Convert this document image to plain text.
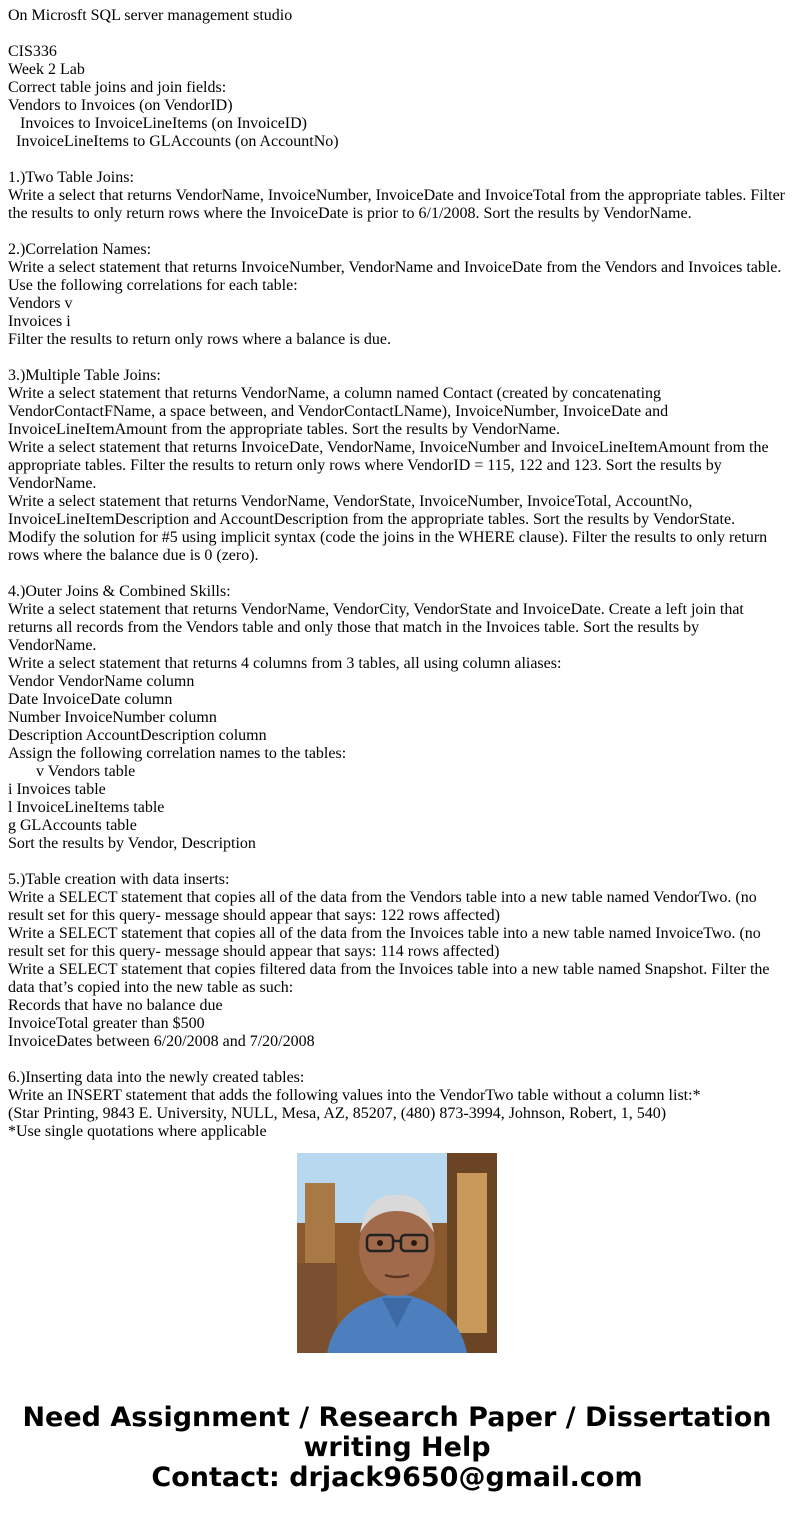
On Microsft SQL server management studio
CIS336
Week 2 Lab
Correct table joins and join fields:
Vendors to Invoices (on VendorID)
Invoices to InvoiceLineItems (on InvoiceID)
InvoiceLineItems to GLAccounts (on AccountNo)
1.)Two Table Joins:
Write a select that returns VendorName, InvoiceNumber, InvoiceDate and InvoiceTotal from the appropriate tables. Filter the results to only return rows where the InvoiceDate is prior to 6/1/2008. Sort the results by VendorName.
2.)Correlation Names:
Write a select statement that returns InvoiceNumber, VendorName and InvoiceDate from the Vendors and Invoices table. Use the following correlations for each table:
Vendors v
Invoices i
Filter the results to return only rows where a balance is due.
3.)Multiple Table Joins:
Write a select statement that returns VendorName, a column named Contact (created by concatenating VendorContactFName, a space between, and VendorContactLName), InvoiceNumber, InvoiceDate and InvoiceLineItemAmount from the appropriate tables. Sort the results by VendorName.
Write a select statement that returns InvoiceDate, VendorName, InvoiceNumber and InvoiceLineItemAmount from the appropriate tables. Filter the results to return only rows where VendorID = 115, 122 and 123. Sort the results by VendorName.
Write a select statement that returns VendorName, VendorState, InvoiceNumber, InvoiceTotal, AccountNo, InvoiceLineItemDescription and AccountDescription from the appropriate tables. Sort the results by VendorState.
Modify the solution for #5 using implicit syntax (code the joins in the WHERE clause). Filter the results to only return rows where the balance due is 0 (zero).
4.)Outer Joins & Combined Skills:
Write a select statement that returns VendorName, VendorCity, VendorState and InvoiceDate. Create a left join that returns all records from the Vendors table and only those that match in the Invoices table. Sort the results by VendorName.
Write a select statement that returns 4 columns from 3 tables, all using column aliases:
Vendor VendorName column
Date InvoiceDate column
Number InvoiceNumber column
Description AccountDescription column
Assign the following correlation names to the tables:
v Vendors table
i Invoices table
l InvoiceLineItems table
g GLAccounts table
Sort the results by Vendor, Description
5.)Table creation with data inserts:
Write a SELECT statement that copies all of the data from the Vendors table into a new table named VendorTwo. (no result set for this query- message should appear that says: 122 rows affected)
Write a SELECT statement that copies all of the data from the Invoices table into a new table named InvoiceTwo. (no result set for this query- message should appear that says: 114 rows affected)
Write a SELECT statement that copies filtered data from the Invoices table into a new table named Snapshot. Filter the data that’s copied into the new table as such:
Records that have no balance due
InvoiceTotal greater than $500
InvoiceDates between 6/20/2008 and 7/20/2008
6.)Inserting data into the newly created tables:
Write an INSERT statement that adds the following values into the VendorTwo table without a column list:*
(Star Printing, 9843 E. University, NULL, Mesa, AZ, 85207, (480) 873-3994, Johnson, Robert, 1, 540)
*Use single quotations where applicable
Need Assignment / Research Paper / Dissertation
writing Help
Contact: drjack9650@gmail.com
